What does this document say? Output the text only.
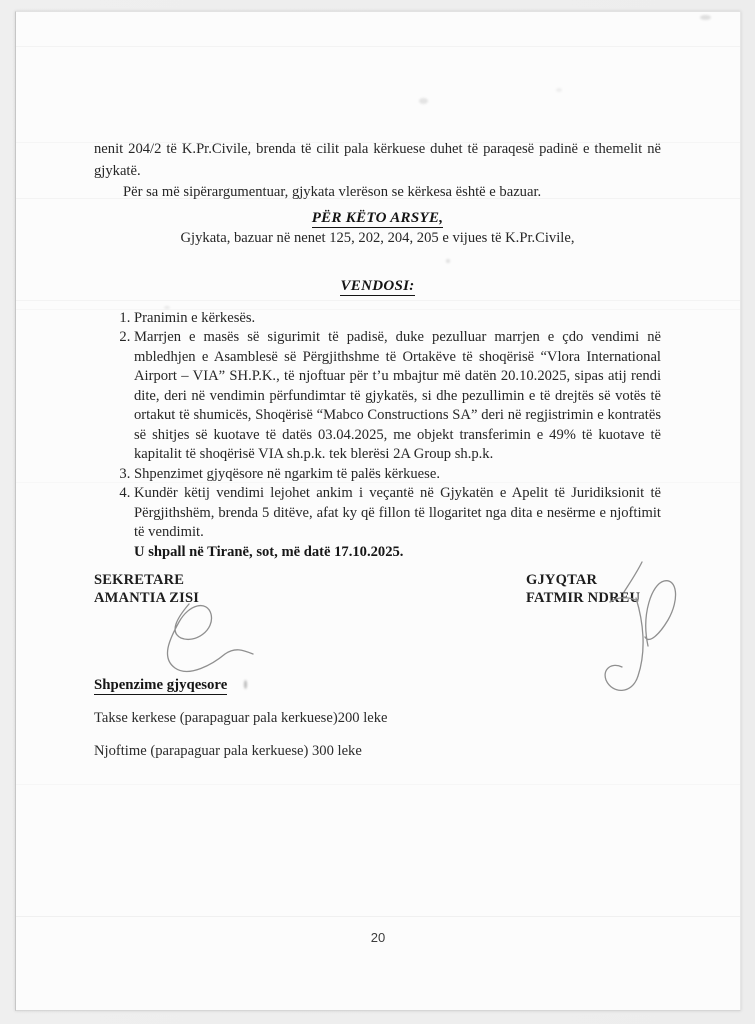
nenit 204/2 të K.Pr.Civile, brenda të cilit pala kërkuese duhet të paraqesë padinë e themelit në gjykatë.

Për sa më sipërargumentuar, gjykata vlerëson se kërkesa është e bazuar.

PËR KËTO ARSYE,

Gjykata, bazuar në nenet 125, 202, 204, 205 e vijues të K.Pr.Civile,

VENDOSI:
1. Pranimin e kërkesës.
2. Marrjen e masës së sigurimit të padisë, duke pezulluar marrjen e çdo vendimi në mbledhjen e Asamblesë së Përgjithshme të Ortakëve të shoqërisë “Vlora International Airport – VIA” SH.P.K., të njoftuar për t’u mbajtur më datën 20.10.2025, sipas atij rendi dite, deri në vendimin përfundimtar të gjykatës, si dhe pezullimin e të drejtës së votës të ortakut të shumicës, Shoqërisë “Mabco Constructions SA” deri në regjistrimin e kontratës së shitjes së kuotave të datës 03.04.2025, me objekt transferimin e 49% të kuotave të kapitalit të shoqërisë VIA sh.p.k. tek blerësi 2A Group sh.p.k.
3. Shpenzimet gjyqësore në ngarkim të palës kërkuese.
4. Kundër këtij vendimi lejohet ankim i veçantë në Gjykatën e Apelit të Juridiksionit të Përgjithshëm, brenda 5 ditëve, afat ky që fillon të llogaritet nga dita e nesërme e njoftimit të vendimit.

U shpall në Tiranë, sot, më datë 17.10.2025.

SEKRETARE
AMANTIA ZISI
GJYQTAR
FATMIR NDREU

Shpenzime gjyqesore

Takse kerkese (parapaguar pala kerkuese)200 leke

Njoftime (parapaguar pala kerkuese) 300 leke

20
